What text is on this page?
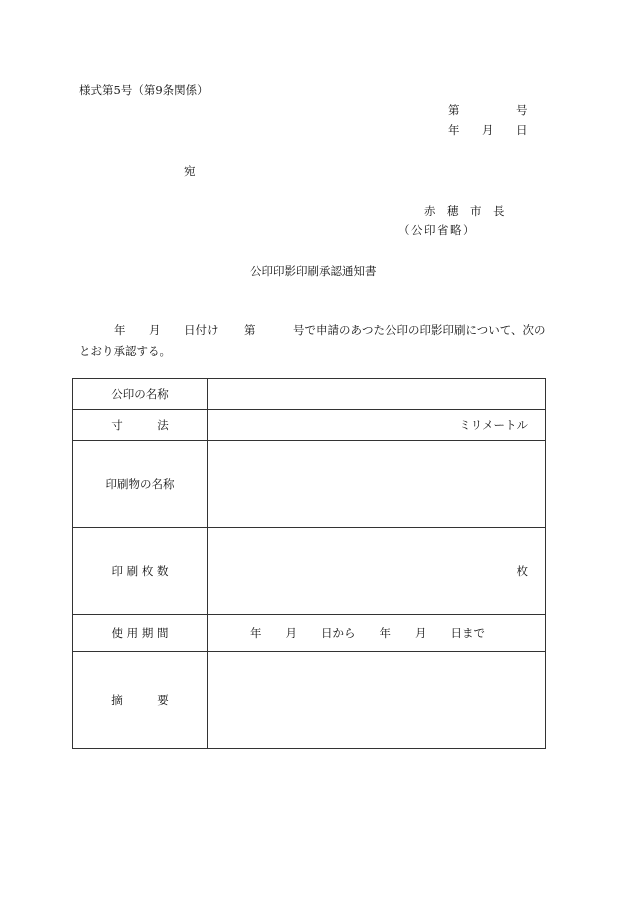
様式第5号（第9条関係）
第	号
年 月 日
宛
赤　穂　市　長
（公印省略）
公印印影印刷承認通知書
年 月 日付け 第	号で申請のあつた公印の印影印刷について、次の
とおり承認する。
公印の名称	
寸　　　法	ミリメートル

印刷物の名称	
印 刷 枚 数	枚

使 用 期 間	年 月 日から 年 月 日まで

摘　　　要	
